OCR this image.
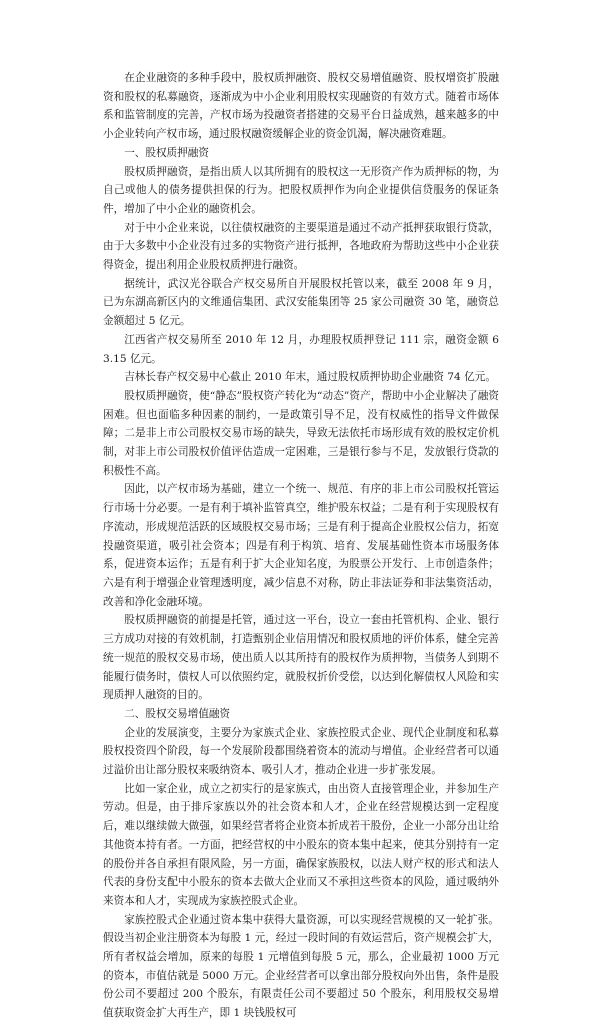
在企业融资的多种手段中，股权质押融资、股权交易增值融资、股权增资扩股融资和股权的私募融资，逐渐成为中小企业利用股权实现融资的有效方式。随着市场体系和监管制度的完善，产权市场为投融资者搭建的交易平台日益成熟，越来越多的中小企业转向产权市场，通过股权融资缓解企业的资金饥渴，解决融资难题。

一、股权质押融资

股权质押融资，是指出质人以其所拥有的股权这一无形资产作为质押标的物，为自己或他人的债务提供担保的行为。把股权质押作为向企业提供信贷服务的保证条件，增加了中小企业的融资机会。

对于中小企业来说，以往债权融资的主要渠道是通过不动产抵押获取银行贷款，由于大多数中小企业没有过多的实物资产进行抵押，各地政府为帮助这些中小企业获得资金，提出利用企业股权质押进行融资。

据统计，武汉光谷联合产权交易所自开展股权托管以来，截至 2008 年 9 月，已为东湖高新区内的文维通信集团、武汉安能集团等 25 家公司融资 30 笔，融资总金额超过 5 亿元。

江西省产权交易所至 2010 年 12 月，办理股权质押登记 111 宗，融资金额 63.15 亿元。

吉林长春产权交易中心截止 2010 年末，通过股权质押协助企业融资 74 亿元。

股权质押融资，使“静态”股权资产转化为“动态”资产，帮助中小企业解决了融资困难。但也面临多种因素的制约，一是政策引导不足，没有权威性的指导文件做保障；二是非上市公司股权交易市场的缺失，导致无法依托市场形成有效的股权定价机制，对非上市公司股权价值评估造成一定困难，三是银行参与不足，发放银行贷款的积极性不高。

因此，以产权市场为基础，建立一个统一、规范、有序的非上市公司股权托管运行市场十分必要。一是有利于填补监管真空，维护股东权益；二是有利于实现股权有序流动，形成规范活跃的区域股权交易市场；三是有利于提高企业股权公信力，拓宽投融资渠道，吸引社会资本；四是有利于构筑、培育、发展基础性资本市场服务体系，促进资本运作；五是有利于扩大企业知名度，为股票公开发行、上市创造条件；六是有利于增强企业管理透明度，减少信息不对称，防止非法证券和非法集资活动，改善和净化金融环境。

股权质押融资的前提是托管，通过这一平台，设立一套由托管机构、企业、银行三方成功对接的有效机制，打造甄别企业信用情况和股权质地的评价体系，健全完善统一规范的股权交易市场，使出质人以其所持有的股权作为质押物，当债务人到期不能履行债务时，债权人可以依照约定，就股权折价受偿，以达到化解债权人风险和实现质押人融资的目的。

二、股权交易增值融资

企业的发展演变，主要分为家族式企业、家族控股式企业、现代企业制度和私募股权投资四个阶段，每一个发展阶段都围绕着资本的流动与增值。企业经营者可以通过溢价出让部分股权来吸纳资本、吸引人才，推动企业进一步扩张发展。

比如一家企业，成立之初实行的是家族式，由出资人直接管理企业，并参加生产劳动。但是，由于排斥家族以外的社会资本和人才，企业在经营规模达到一定程度后，难以继续做大做强，如果经营者将企业资本折成若干股份，企业一小部分出让给其他资本持有者。一方面，把经营权的中小股东的资本集中起来，使其分别持有一定的股份并各自承担有限风险，另一方面，确保家族股权，以法人财产权的形式和法人代表的身份支配中小股东的资本去做大企业而又不承担这些资本的风险，通过吸纳外来资本和人才，实现成为家族控股式企业。

家族控股式企业通过资本集中获得大量资源，可以实现经营规模的又一轮扩张。假设当初企业注册资本为每股 1 元，经过一段时间的有效运营后，资产规模会扩大，所有者权益会增加，原来的每股 1 元增值到每股 5 元，那么，企业最初 1000 万元的资本，市值估就是 5000 万元。企业经营者可以拿出部分股权向外出售，条件是股份公司不要超过 200 个股东，有限责任公司不要超过 50 个股东，利用股权交易增值获取资金扩大再生产，即 1 块钱股权可
